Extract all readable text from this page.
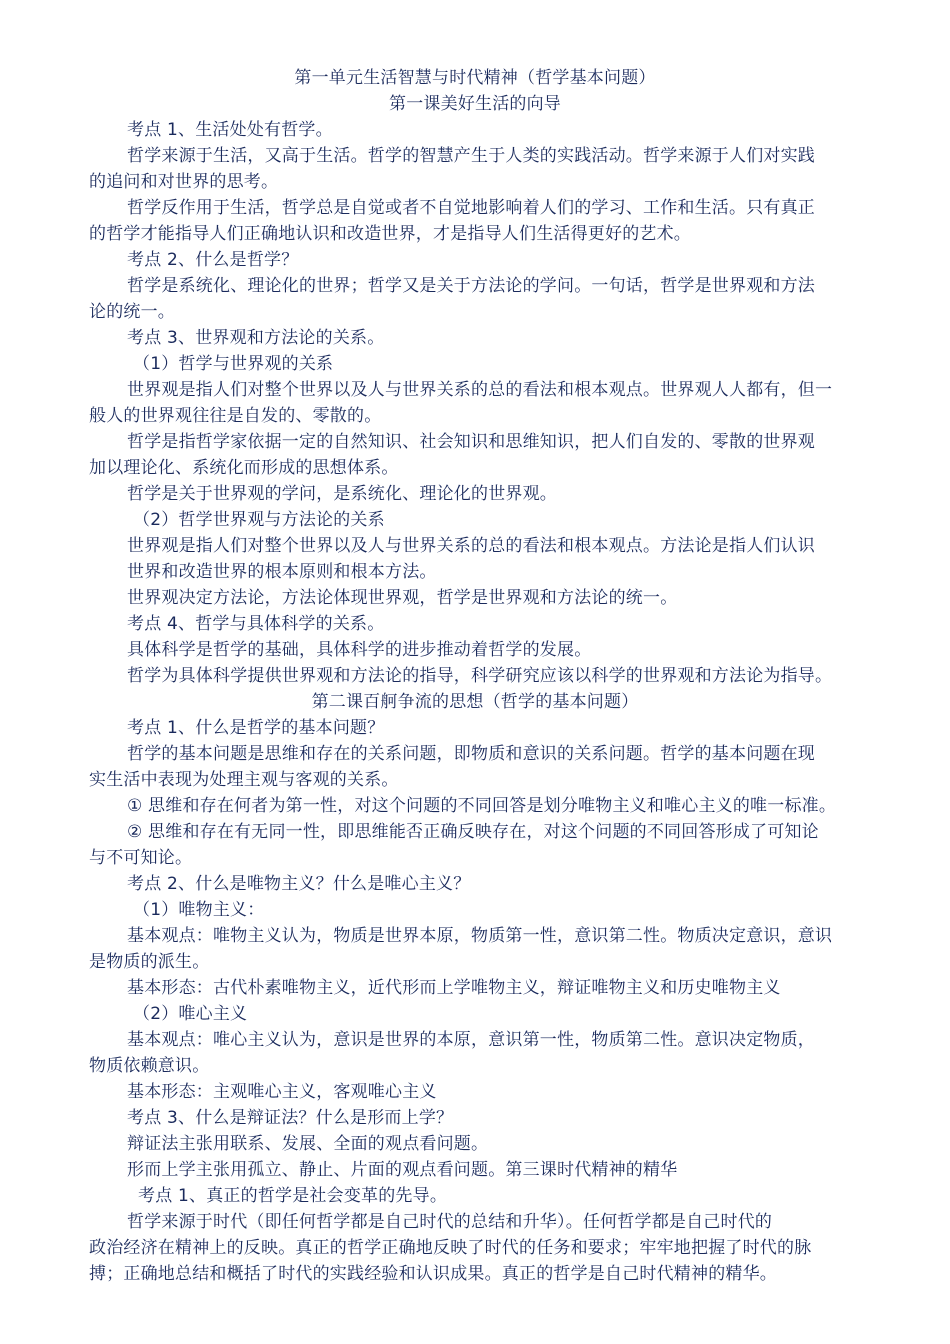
第一单元生活智慧与时代精神（哲学基本问题）
第一课美好生活的向导
考点 1、生活处处有哲学。
哲学来源于生活，又高于生活。哲学的智慧产生于人类的实践活动。哲学来源于人们对实践
的追问和对世界的思考。
哲学反作用于生活，哲学总是自觉或者不自觉地影响着人们的学习、工作和生活。只有真正
的哲学才能指导人们正确地认识和改造世界，才是指导人们生活得更好的艺术。
考点 2、什么是哲学？
哲学是系统化、理论化的世界；哲学又是关于方法论的学问。一句话，哲学是世界观和方法
论的统一。
考点 3、世界观和方法论的关系。
（1）哲学与世界观的关系
世界观是指人们对整个世界以及人与世界关系的总的看法和根本观点。世界观人人都有，但一
般人的世界观往往是自发的、零散的。
哲学是指哲学家依据一定的自然知识、社会知识和思维知识，把人们自发的、零散的世界观
加以理论化、系统化而形成的思想体系。
哲学是关于世界观的学问，是系统化、理论化的世界观。
（2）哲学世界观与方法论的关系
世界观是指人们对整个世界以及人与世界关系的总的看法和根本观点。方法论是指人们认识
世界和改造世界的根本原则和根本方法。
世界观决定方法论，方法论体现世界观，哲学是世界观和方法论的统一。
考点 4、哲学与具体科学的关系。
具体科学是哲学的基础，具体科学的进步推动着哲学的发展。
哲学为具体科学提供世界观和方法论的指导，科学研究应该以科学的世界观和方法论为指导。
第二课百舸争流的思想（哲学的基本问题）
考点 1、什么是哲学的基本问题？
哲学的基本问题是思维和存在的关系问题，即物质和意识的关系问题。哲学的基本问题在现
实生活中表现为处理主观与客观的关系。
① 思维和存在何者为第一性，对这个问题的不同回答是划分唯物主义和唯心主义的唯一标准。
② 思维和存在有无同一性，即思维能否正确反映存在，对这个问题的不同回答形成了可知论
与不可知论。
考点 2、什么是唯物主义？什么是唯心主义？
（1）唯物主义：
基本观点：唯物主义认为，物质是世界本原，物质第一性，意识第二性。物质决定意识，意识
是物质的派生。
基本形态：古代朴素唯物主义，近代形而上学唯物主义，辩证唯物主义和历史唯物主义
（2）唯心主义
基本观点：唯心主义认为，意识是世界的本原，意识第一性，物质第二性。意识决定物质，
物质依赖意识。
基本形态：主观唯心主义，客观唯心主义
考点 3、什么是辩证法？什么是形而上学？
辩证法主张用联系、发展、全面的观点看问题。
形而上学主张用孤立、静止、片面的观点看问题。第三课时代精神的精华
考点 1、真正的哲学是社会变革的先导。
哲学来源于时代（即任何哲学都是自己时代的总结和升华）。任何哲学都是自己时代的
政治经济在精神上的反映。真正的哲学正确地反映了时代的任务和要求；牢牢地把握了时代的脉
搏；正确地总结和概括了时代的实践经验和认识成果。真正的哲学是自己时代精神的精华。
